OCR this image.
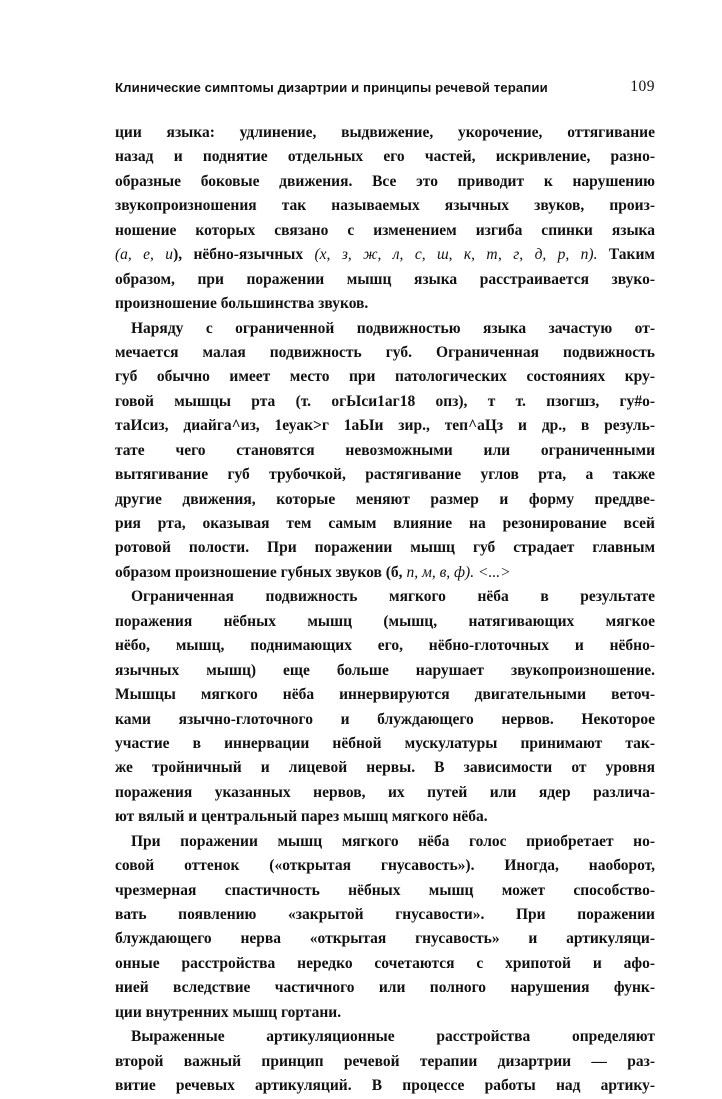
Клинические симптомы дизартрии и принципы речевой терапии	109
ции языка: удлинение, выдвижение, укорочение, оттягивание
назад и поднятие отдельных его частей, искривление, разно-
образные боковые движения. Все это приводит к нарушению
звукопроизношения так называемых язычных звуков, произ-
ношение которых связано с изменением изгиба спинки языка
(а, е, и), нёбно-язычных (х, з, ж, л, с, ш, к, т, г, д, р, п). Таким
образом, при поражении мышц языка расстраивается звуко-
произношение большинства звуков.
Наряду с ограниченной подвижностью языка зачастую от-
мечается малая подвижность губ. Ограниченная подвижность
губ обычно имеет место при патологических состояниях кру-
говой мышцы рта (т. огЫси1аг18 опз), т т. пзогшз, гу#о-
таИсиз, диайга^из, 1еуак>г 1аЫи зир., теп^аЦз и др., в резуль-
тате чего становятся невозможными или ограниченными
вытягивание губ трубочкой, растягивание углов рта, а также
другие движения, которые меняют размер и форму преддве-
рия рта, оказывая тем самым влияние на резонирование всей
ротовой полости. При поражении мышц губ страдает главным
образом произношение губных звуков (б, п, м, в, ф). <...>
Ограниченная подвижность мягкого нёба в результате
поражения нёбных мышц (мышц, натягивающих мягкое
нёбо, мышц, поднимающих его, нёбно-глоточных и нёбно-
язычных мышц) еще больше нарушает звукопроизношение.
Мышцы мягкого нёба иннервируются двигательными веточ-
ками язычно-глоточного и блуждающего нервов. Некоторое
участие в иннервации нёбной мускулатуры принимают так-
же тройничный и лицевой нервы. В зависимости от уровня
поражения указанных нервов, их путей или ядер различа-
ют вялый и центральный парез мышц мягкого нёба.
При поражении мышц мягкого нёба голос приобретает но-
совой оттенок («открытая гнусавость»). Иногда, наоборот,
чрезмерная спастичность нёбных мышц может способство-
вать появлению «закрытой гнусавости». При поражении
блуждающего нерва «открытая гнусавость» и артикуляци-
онные расстройства нередко сочетаются с хрипотой и афо-
нией вследствие частичного или полного нарушения функ-
ции внутренних мышц гортани.
Выраженные артикуляционные расстройства определяют
второй важный принцип речевой терапии дизартрии — раз-
витие речевых артикуляций. В процессе работы над артику-
